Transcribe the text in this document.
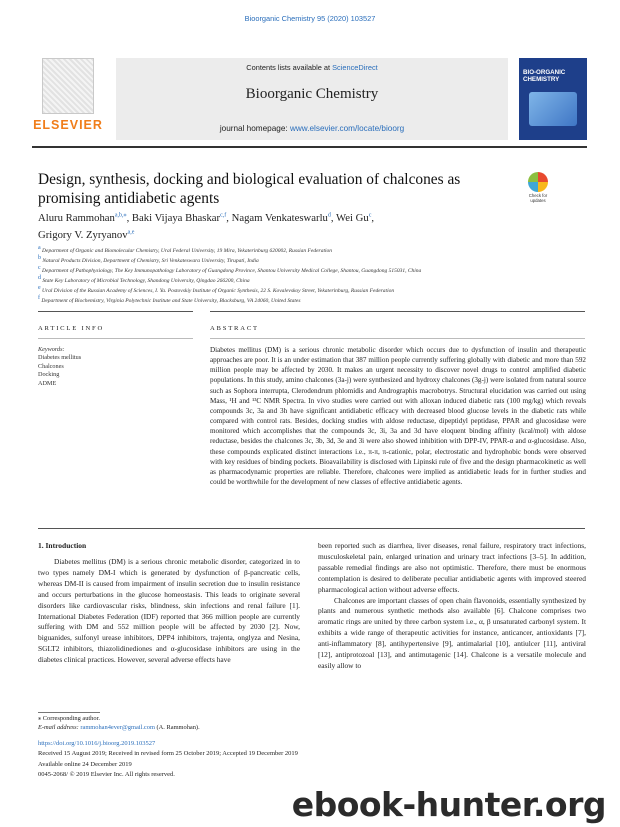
Bioorganic Chemistry 95 (2020) 103527
ELSEVIER
Contents lists available at ScienceDirect
Bioorganic Chemistry
journal homepage: www.elsevier.com/locate/bioorg
BIO-ORGANIC CHEMISTRY
Design, synthesis, docking and biological evaluation of chalcones as promising antidiabetic agents	Check for updates
Aluru Rammohan$^{a,b,⁎}$, Baki Vijaya Bhaskar$^{c,f}$, Nagam Venkateswarlu$^d$, Wei Gu$^c$,
Grigory V. Zyryanov$^{a,e}$
$^a$ Department of Organic and Biomolecular Chemistry, Ural Federal University, 19 Mira, Yekaterinburg 620002, Russian Federation
$^b$ Natural Products Division, Department of Chemistry, Sri Venkateswara University, Tirupati, India
$^c$ Department of Pathophysiology, The Key Immunopathology Laboratory of Guangdong Province, Shantou University Medical College, Shantou, Guangdong 515031, China
$^d$ State Key Laboratory of Microbial Technology, Shandong University, Qingdao 266200, China
$^e$ Ural Division of the Russian Academy of Sciences, I. Ya. Postovskiy Institute of Organic Synthesis, 22 S. Kovalevskoy Street, Yekaterinburg, Russian Federation
$^f$ Department of Biochemistry, Virginia Polytechnic Institute and State University, Blacksburg, VA 24060, United States
ARTICLE INFO
Keywords:
Diabetes mellitus
Chalcones
Docking
ADME
ABSTRACT
Diabetes mellitus (DM) is a serious chronic metabolic disorder which occurs due to dysfunction of insulin and therapeutic approaches are poor. It is an under estimation that 387 million people currently suffering globally with diabetic and more than 592 million people may be affected by 2030. It makes an urgent necessity to discover novel drugs to control amplified diabetic populations. In this study, amino chalcones (3a-j) were synthesized and hydroxy chalcones (3g-j) were isolated from natural source such as Sophora interrupta, Clerodendrum phlomidis and Andrographis macrobotrys. Structural elucidation was carried out using Mass, ¹H and ¹³C NMR Spectra. In vivo studies were carried out with alloxan induced diabetic rats (100 mg/kg) which reveals compounds 3c, 3a and 3h have significant antidiabetic efficacy with decreased blood glucose levels in the diabetic rats while compared with control rats. Besides, docking studies with aldose reductase, dipeptidyl peptidase, PPAR and glucosidase were monitored which accomplishes that the compounds 3c, 3i, 3a and 3d have eloquent binding affinity (kcal/mol) with aldose reductase, besides the chalcones 3c, 3b, 3d, 3e and 3i were also showed inhibition with DPP-IV, PPAR-α and α-glucosidase. Also, these compounds explicated distinct interactions i.e., π-π, π-cationic, polar, electrostatic and hydrophobic bonds were observed with key residues of binding pockets. Bioavailability is disclosed with Lipinski rule of five and the design pharmacokinetic as well as pharmacodynamic properties are reliable. Therefore, chalcones were implied as antidiabetic leads for in further studies and could be worthwhile for the development of new classes of effective antidiabetic agents.
1. Introduction

Diabetes mellitus (DM) is a serious chronic metabolic disorder, categorized in to two types namely DM-I which is generated by dysfunction of β-pancreatic cells, whereas DM-II is caused from impairment of insulin secretion due to insulin resistance and occurs perturbations in the glucose homeostasis. This leads to originate several disorders like cardiovascular risks, blindness, skin infections and renal failure [1]. International Diabetes Federation (IDF) reported that 366 million people are currently suffering with DM and 552 million people will be affected by 2030 [2]. Now, biguanides, sulfonyl urease inhibitors, DPP4 inhibitors, trajenta, onglyza and Nesina, SGLT2 inhibitors, thiazolidinediones and α-glucosidase inhibitors are using in the diabetes clinical practices. However, several adverse effects have

been reported such as diarrhea, liver diseases, renal failure, respiratory tract infections, musculoskeletal pain, enlarged urination and urinary tract infections [3–5]. In addition, passable remedial findings are also not optimistic. Therefore, there must be enormous contemplation is desired to deliberate peculiar antidiabetic agents with improved steered pharmacological action without adverse effects.

Chalcones are important classes of open chain flavonoids, essentially synthesized by plants and numerous synthetic methods also available [6]. Chalcone comprises two aromatic rings are united by three carbon system i.e., α, β unsaturated carbonyl system. It exhibits a wide range of therapeutic activities for instance, anticancer, antioxidants [7], anti-inflammatory [8], antihypertensive [9], antimalarial [10], antiulcer [11], antiviral [12], antiprotozoal [13], and antimutagenic [14]. Chalcone is a versatile molecule and easily allow to

⁎ Corresponding author.
E-mail address: rammohan4ever@gmail.com (A. Rammohan).
https://doi.org/10.1016/j.bioorg.2019.103527
Received 15 August 2019; Received in revised form 25 October 2019; Accepted 19 December 2019
Available online 24 December 2019
0045-2068/ © 2019 Elsevier Inc. All rights reserved.
ebook-hunter.org
